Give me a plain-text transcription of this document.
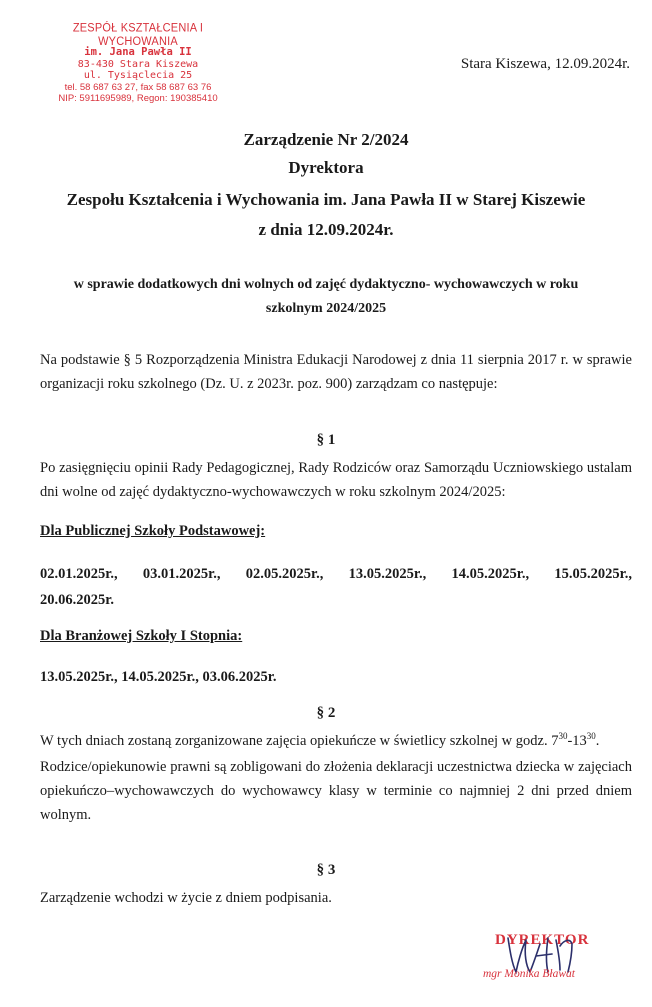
ZESPÓŁ KSZTAŁCENIA I WYCHOWANIA
im. Jana Pawła II
83-430 Stara Kiszewa
ul. Tysiąclecia 25
tel. 58 687 63 27, fax 58 687 63 76
NIP: 5911695989, Regon: 190385410
Stara Kiszewa, 12.09.2024r.
Zarządzenie Nr 2/2024
Dyrektora
Zespołu Kształcenia i Wychowania im. Jana Pawła II w Starej Kiszewie
z dnia 12.09.2024r.
w sprawie dodatkowych dni wolnych od zajęć dydaktyczno- wychowawczych w roku
szkolnym 2024/2025
Na podstawie § 5 Rozporządzenia Ministra Edukacji Narodowej z dnia 11 sierpnia 2017 r. w sprawie organizacji roku szkolnego (Dz. U. z 2023r. poz. 900) zarządzam co następuje:
§ 1
Po zasięgnięciu opinii Rady Pedagogicznej, Rady Rodziców oraz Samorządu Uczniowskiego ustalam dni wolne od zajęć dydaktyczno-wychowawczych w roku szkolnym 2024/2025:
Dla Publicznej Szkoły Podstawowej:
02.01.2025r., 03.01.2025r., 02.05.2025r., 13.05.2025r., 14.05.2025r., 15.05.2025r.,
20.06.2025r.
Dla Branżowej Szkoły I Stopnia:
13.05.2025r., 14.05.2025r., 03.06.2025r.
§ 2
W tych dniach zostaną zorganizowane zajęcia opiekuńcze w świetlicy szkolnej w godz. $7^{30}-13^{30}$.
Rodzice/opiekunowie prawni są zobligowani do złożenia deklaracji uczestnictwa dziecka w zajęciach opiekuńczo–wychowawczych do wychowawcy klasy w terminie co najmniej 2 dni przed dniem wolnym.
§ 3
Zarządzenie wchodzi w życie z dniem podpisania.
DYREKTOR
mgr Monika Bławat
